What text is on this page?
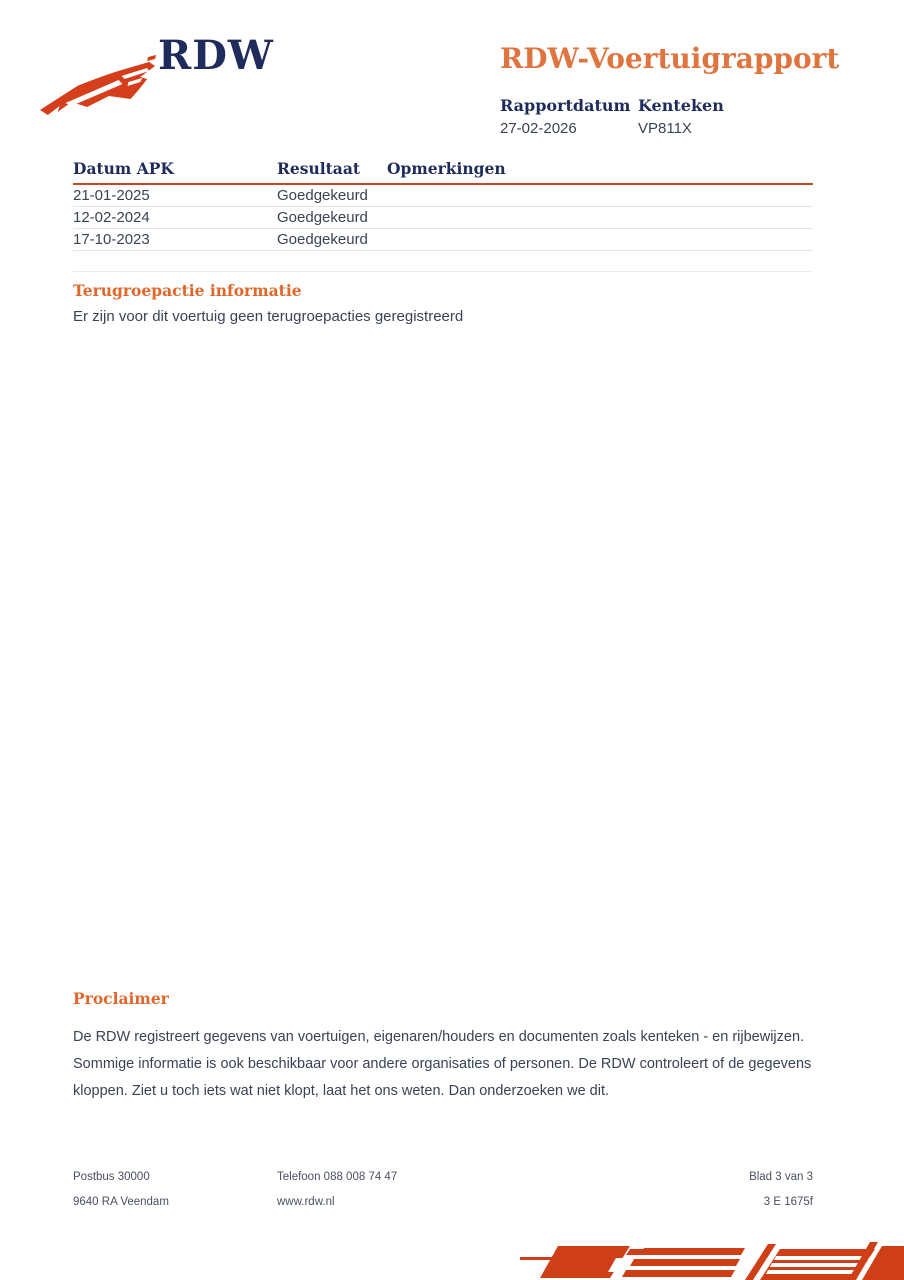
RDW	RDW-Voertuigrapport
Rapportdatum
27-02-2026
Kenteken
VP811X
Datum APK	Resultaat	Opmerkingen
21-01-2025	Goedgekeurd
12-02-2024	Goedgekeurd
17-10-2023	Goedgekeurd
Terugroepactie informatie

Er zijn voor dit voertuig geen terugroepacties geregistreerd

Proclaimer

De RDW registreert gegevens van voertuigen, eigenaren/houders en documenten zoals kenteken - en rijbewijzen. Sommige informatie is ook beschikbaar voor andere organisaties of personen. De RDW controleert of de gegevens kloppen. Ziet u toch iets wat niet klopt, laat het ons weten. Dan onderzoeken we dit.

Postbus 30000	Telefoon 088 008 74 47	Blad 3 van 3
9640 RA Veendam	www.rdw.nl	3 E 1675f
